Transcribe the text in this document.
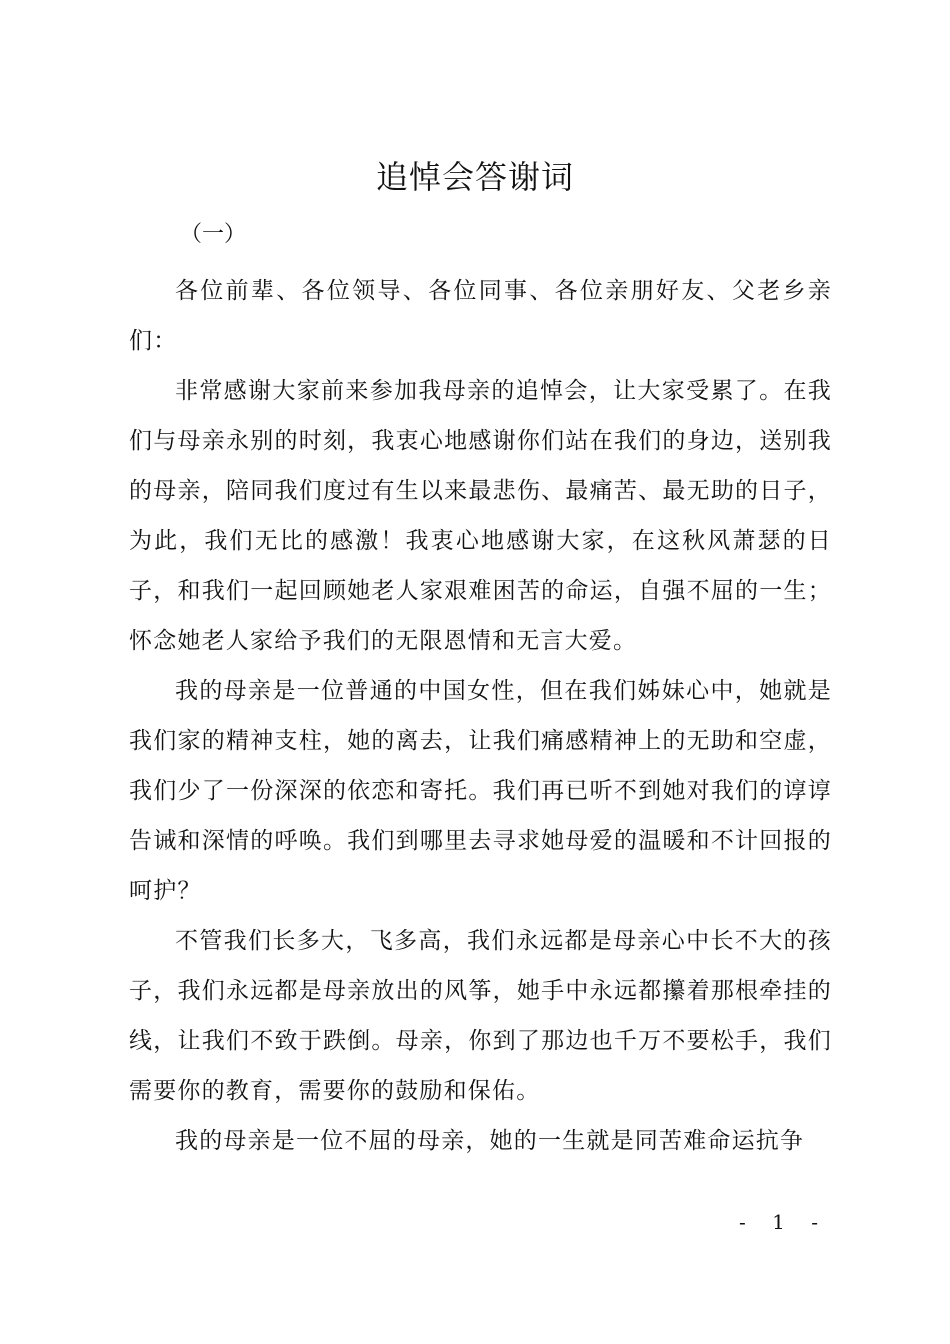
追悼会答谢词

（一）

各位前辈、各位领导、各位同事、各位亲朋好友、父老乡亲们：

非常感谢大家前来参加我母亲的追悼会，让大家受累了。在我们与母亲永别的时刻，我衷心地感谢你们站在我们的身边，送别我的母亲，陪同我们度过有生以来最悲伤、最痛苦、最无助的日子，为此，我们无比的感激！我衷心地感谢大家，在这秋风萧瑟的日子，和我们一起回顾她老人家艰难困苦的命运，自强不屈的一生；怀念她老人家给予我们的无限恩情和无言大爱。

我的母亲是一位普通的中国女性，但在我们姊妹心中，她就是我们家的精神支柱，她的离去，让我们痛感精神上的无助和空虚，我们少了一份深深的依恋和寄托。我们再已听不到她对我们的谆谆告诫和深情的呼唤。我们到哪里去寻求她母爱的温暖和不计回报的呵护？

不管我们长多大，飞多高，我们永远都是母亲心中长不大的孩子，我们永远都是母亲放出的风筝，她手中永远都攥着那根牵挂的线，让我们不致于跌倒。母亲，你到了那边也千万不要松手，我们需要你的教育，需要你的鼓励和保佑。

我的母亲是一位不屈的母亲，她的一生就是同苦难命运抗争

- 1 -
